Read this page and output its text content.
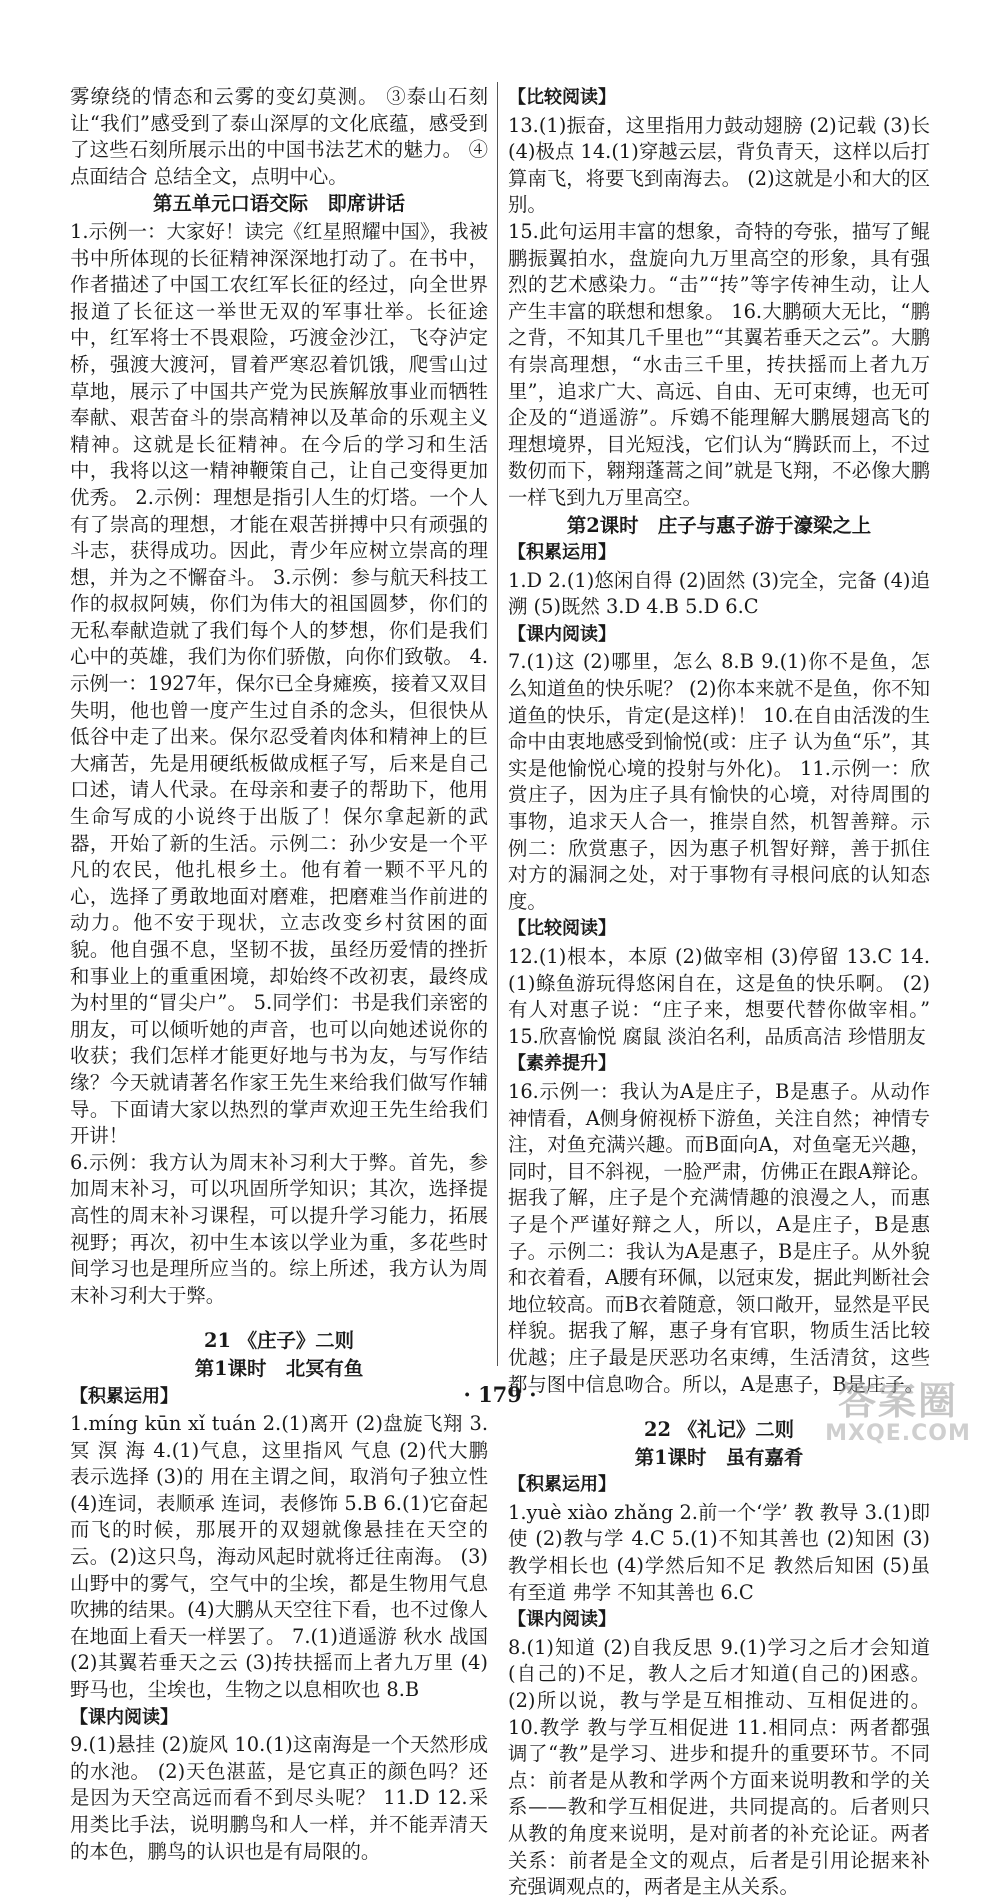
雾缭绕的情态和云雾的变幻莫测。 ③泰山石刻让“我们”感受到了泰山深厚的文化底蕴，感受到了这些石刻所展示出的中国书法艺术的魅力。 ④点面结合 总结全文，点明中心。

第五单元口语交际　即席讲话

1.示例一：大家好！读完《红星照耀中国》，我被书中所体现的长征精神深深地打动了。在书中，作者描述了中国工农红军长征的经过，向全世界报道了长征这一举世无双的军事壮举。长征途中，红军将士不畏艰险，巧渡金沙江，飞夺泸定桥，强渡大渡河，冒着严寒忍着饥饿，爬雪山过草地，展示了中国共产党为民族解放事业而牺牲奉献、艰苦奋斗的崇高精神以及革命的乐观主义精神。这就是长征精神。在今后的学习和生活中，我将以这一精神鞭策自己，让自己变得更加优秀。 2.示例：理想是指引人生的灯塔。一个人有了崇高的理想，才能在艰苦拼搏中只有顽强的斗志，获得成功。因此，青少年应树立崇高的理想，并为之不懈奋斗。 3.示例：参与航天科技工作的叔叔阿姨，你们为伟大的祖国圆梦，你们的无私奉献造就了我们每个人的梦想，你们是我们心中的英雄，我们为你们骄傲，向你们致敬。 4.示例一：1927年，保尔已全身瘫痪，接着又双目失明，他也曾一度产生过自杀的念头，但很快从低谷中走了出来。保尔忍受着肉体和精神上的巨大痛苦，先是用硬纸板做成框子写，后来是自己口述，请人代录。在母亲和妻子的帮助下，他用生命写成的小说终于出版了！保尔拿起新的武器，开始了新的生活。示例二：孙少安是一个平凡的农民，他扎根乡土。他有着一颗不平凡的心，选择了勇敢地面对磨难，把磨难当作前进的动力。他不安于现状，立志改变乡村贫困的面貌。他自强不息，坚韧不拔，虽经历爱情的挫折和事业上的重重困境，却始终不改初衷，最终成为村里的“冒尖户”。 5.同学们：书是我们亲密的朋友，可以倾听她的声音，也可以向她述说你的收获；我们怎样才能更好地与书为友，与写作结缘？今天就请著名作家王先生来给我们做写作辅导。下面请大家以热烈的掌声欢迎王先生给我们开讲！

6.示例：我方认为周末补习利大于弊。首先，参加周末补习，可以巩固所学知识；其次，选择提高性的周末补习课程，可以提升学习能力，拓展视野；再次，初中生本该以学业为重，多花些时间学习也是理所应当的。综上所述，我方认为周末补习利大于弊。

21 《庄子》二则
第1课时　北冥有鱼
【积累运用】

1.míng kūn xǐ tuán 2.(1)离开 (2)盘旋飞翔 3.冥 溟 海 4.(1)气息，这里指风 气息 (2)代大鹏 表示选择 (3)的 用在主谓之间，取消句子独立性 (4)连词，表顺承 连词，表修饰 5.B 6.(1)它奋起而飞的时候，那展开的双翅就像悬挂在天空的云。(2)这只鸟，海动风起时就将迁往南海。 (3)山野中的雾气，空气中的尘埃，都是生物用气息吹拂的结果。(4)大鹏从天空往下看，也不过像人在地面上看天一样罢了。 7.(1)逍遥游 秋水 战国 (2)其翼若垂天之云 (3)抟扶摇而上者九万里 (4)野马也，尘埃也，生物之以息相吹也 8.B

【课内阅读】

9.(1)悬挂 (2)旋风 10.(1)这南海是一个天然形成的水池。 (2)天色湛蓝，是它真正的颜色吗？还是因为天空高远而看不到尽头呢？ 11.D 12.采用类比手法，说明鹏鸟和人一样，并不能弄清天的本色，鹏鸟的认识也是有局限的。

【比较阅读】

13.(1)振奋，这里指用力鼓动翅膀 (2)记载 (3)长 (4)极点 14.(1)穿越云层，背负青天，这样以后打算南飞，将要飞到南海去。 (2)这就是小和大的区别。

15.此句运用丰富的想象，奇特的夸张，描写了鲲鹏振翼拍水，盘旋向九万里高空的形象，具有强烈的艺术感染力。“击”“抟”等字传神生动，让人产生丰富的联想和想象。 16.大鹏硕大无比，“鹏之背，不知其几千里也”“其翼若垂天之云”。大鹏有崇高理想，“水击三千里，抟扶摇而上者九万里”，追求广大、高远、自由、无可束缚，也无可企及的“逍遥游”。斥鴳不能理解大鹏展翅高飞的理想境界，目光短浅，它们认为“腾跃而上，不过数仞而下，翱翔蓬蒿之间”就是飞翔，不必像大鹏一样飞到九万里高空。

第2课时　庄子与惠子游于濠梁之上
【积累运用】

1.D 2.(1)悠闲自得 (2)固然 (3)完全，完备 (4)追溯 (5)既然 3.D 4.B 5.D 6.C

【课内阅读】

7.(1)这 (2)哪里，怎么 8.B 9.(1)你不是鱼，怎么知道鱼的快乐呢？ (2)你本来就不是鱼，你不知道鱼的快乐，肯定(是这样)！ 10.在自由活泼的生命中由衷地感受到愉悦(或：庄子 认为鱼“乐”，其实是他愉悦心境的投射与外化)。 11.示例一：欣赏庄子，因为庄子具有愉快的心境，对待周围的事物，追求天人合一，推崇自然，机智善辩。示例二：欣赏惠子，因为惠子机智好辩，善于抓住对方的漏洞之处，对于事物有寻根问底的认知态度。

【比较阅读】

12.(1)根本，本原 (2)做宰相 (3)停留 13.C 14.(1)鲦鱼游玩得悠闲自在，这是鱼的快乐啊。 (2)有人对惠子说：“庄子来，想要代替你做宰相。” 15.欣喜愉悦 腐鼠 淡泊名利，品质高洁 珍惜朋友

【素养提升】

16.示例一：我认为A是庄子，B是惠子。从动作神情看，A侧身俯视桥下游鱼，关注自然；神情专注，对鱼充满兴趣。而B面向A，对鱼毫无兴趣，同时，目不斜视，一脸严肃，仿佛正在跟A辩论。据我了解，庄子是个充满情趣的浪漫之人，而惠子是个严谨好辩之人，所以，A是庄子，B是惠子。示例二：我认为A是惠子，B是庄子。从外貌和衣着看，A腰有环佩，以冠束发，据此判断社会地位较高。而B衣着随意，领口敞开，显然是平民样貌。据我了解，惠子身有官职，物质生活比较优越；庄子最是厌恶功名束缚，生活清贫，这些都与图中信息吻合。所以，A是惠子，B是庄子。

22 《礼记》二则
第1课时　虽有嘉肴
【积累运用】

1.yuè xiào zhǎng 2.前一个‘学’ 教 教导 3.(1)即使 (2)教与学 4.C 5.(1)不知其善也 (2)知困 (3)教学相长也 (4)学然后知不足 教然后知困 (5)虽有至道 弗学 不知其善也 6.C

【课内阅读】

8.(1)知道 (2)自我反思 9.(1)学习之后才会知道(自己的)不足，教人之后才知道(自己的)困惑。(2)所以说，教与学是互相推动、互相促进的。 10.教学 教与学互相促进 11.相同点：两者都强调了“教”是学习、进步和提升的重要环节。不同点：前者是从教和学两个方面来说明教和学的关系——教和学互相促进，共同提高的。后者则只从教的角度来说明，是对前者的补充论证。两者关系：前者是全文的观点，后者是引用论据来补充强调观点的，两者是主从关系。

· 179 ·	答案圈
MXQE.COM
